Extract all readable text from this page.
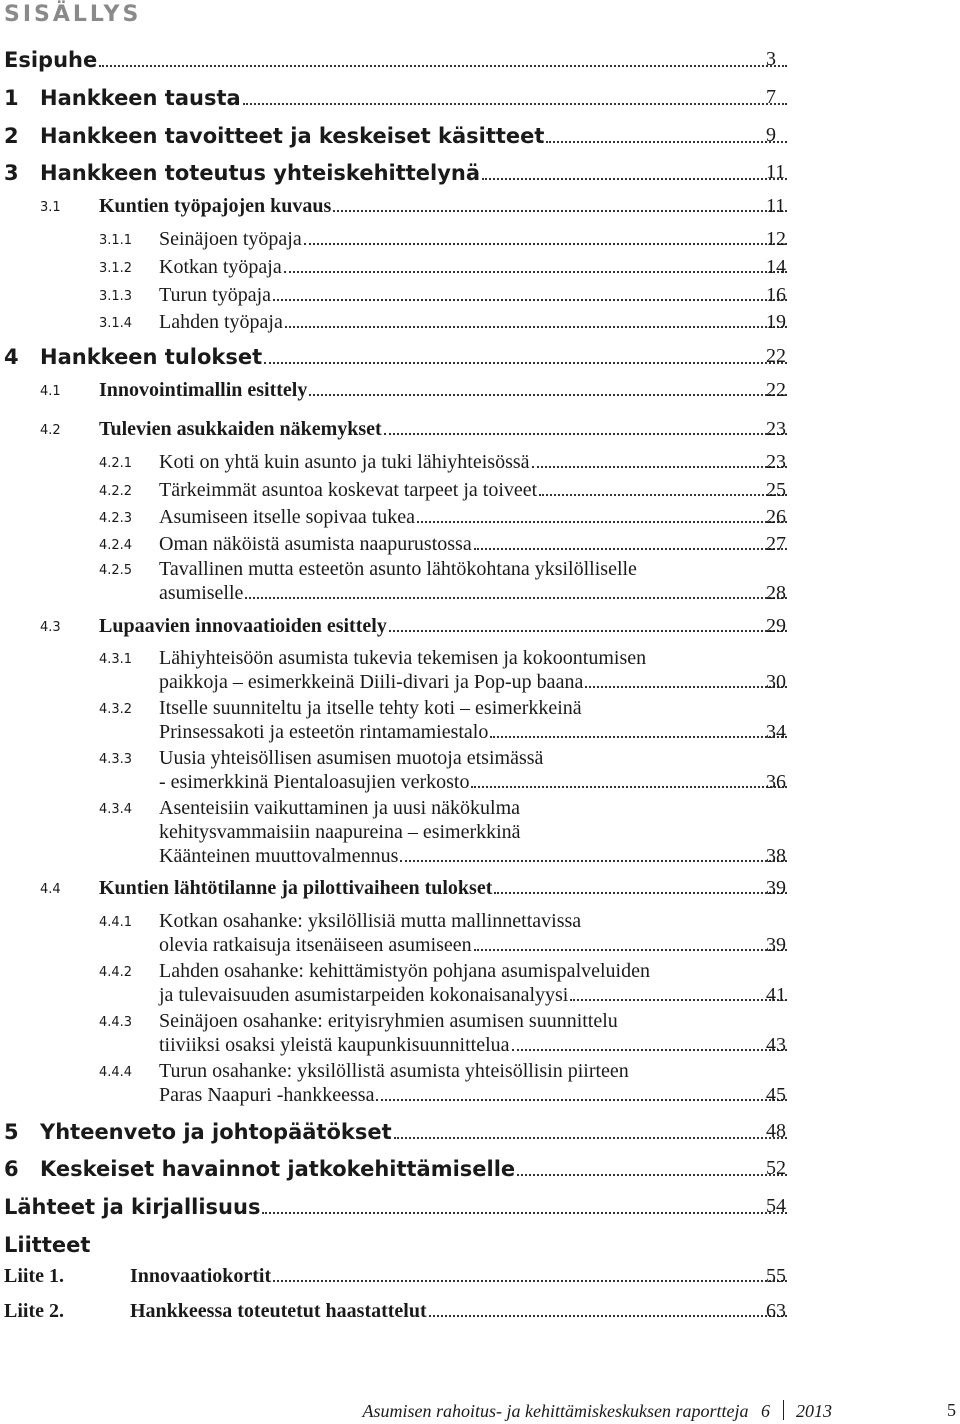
SISÄLLYS
Esipuhe	3
1 Hankkeen tausta	7
2 Hankkeen tavoitteet ja keskeiset käsitteet	9
3 Hankkeen toteutus yhteiskehittelynä	11
3.1 Kuntien työpajojen kuvaus	11
3.1.1 Seinäjoen työpaja	12
3.1.2 Kotkan työpaja	14
3.1.3 Turun työpaja	16
3.1.4 Lahden työpaja	19
4 Hankkeen tulokset	22
4.1 Innovointimallin esittely	22
4.2 Tulevien asukkaiden näkemykset	23
4.2.1 Koti on yhtä kuin asunto ja tuki lähiyhteisössä	23
4.2.2 Tärkeimmät asuntoa koskevat tarpeet ja toiveet	25
4.2.3 Asumiseen itselle sopivaa tukea	26
4.2.4 Oman näköistä asumista naapurustossa	27
4.2.5 Tavallinen mutta esteetön asunto lähtökohtana yksilölliselle
asumiselle	28
4.3 Lupaavien innovaatioiden esittely	29
4.3.1 Lähiyhteisöön asumista tukevia tekemisen ja kokoontumisen
paikkoja – esimerkkeinä Diili-divari ja Pop-up baana	30
4.3.2 Itselle suunniteltu ja itselle tehty koti – esimerkkeinä
Prinsessakoti ja esteetön rintamamiestalo	34
4.3.3 Uusia yhteisöllisen asumisen muotoja etsimässä
- esimerkkinä Pientaloasujien verkosto	36
4.3.4 Asenteisiin vaikuttaminen ja uusi näkökulma
kehitysvammaisiin naapureina – esimerkkinä
Käänteinen muuttovalmennus	38
4.4 Kuntien lähtötilanne ja pilottivaiheen tulokset	39
4.4.1 Kotkan osahanke: yksilöllisiä mutta mallinnettavissa
olevia ratkaisuja itsenäiseen asumiseen	39
4.4.2 Lahden osahanke: kehittämistyön pohjana asumispalveluiden
ja tulevaisuuden asumistarpeiden kokonaisanalyysi	41
4.4.3 Seinäjoen osahanke: erityisryhmien asumisen suunnittelu
tiiviiksi osaksi yleistä kaupunkisuunnittelua	43
4.4.4 Turun osahanke: yksilöllistä asumista yhteisöllisin piirteen
Paras Naapuri -hankkeessa	45
5 Yhteenveto ja johtopäätökset	48
6 Keskeiset havainnot jatkokehittämiselle	52
Lähteet ja kirjallisuus	54
Liitteet
Liite 1.	Innovaatiokortit	55
Liite 2.	Hankkeessa toteutetut haastattelut	63
Asumisen rahoitus- ja kehittämiskeskuksen raportteja 6 2013	5
